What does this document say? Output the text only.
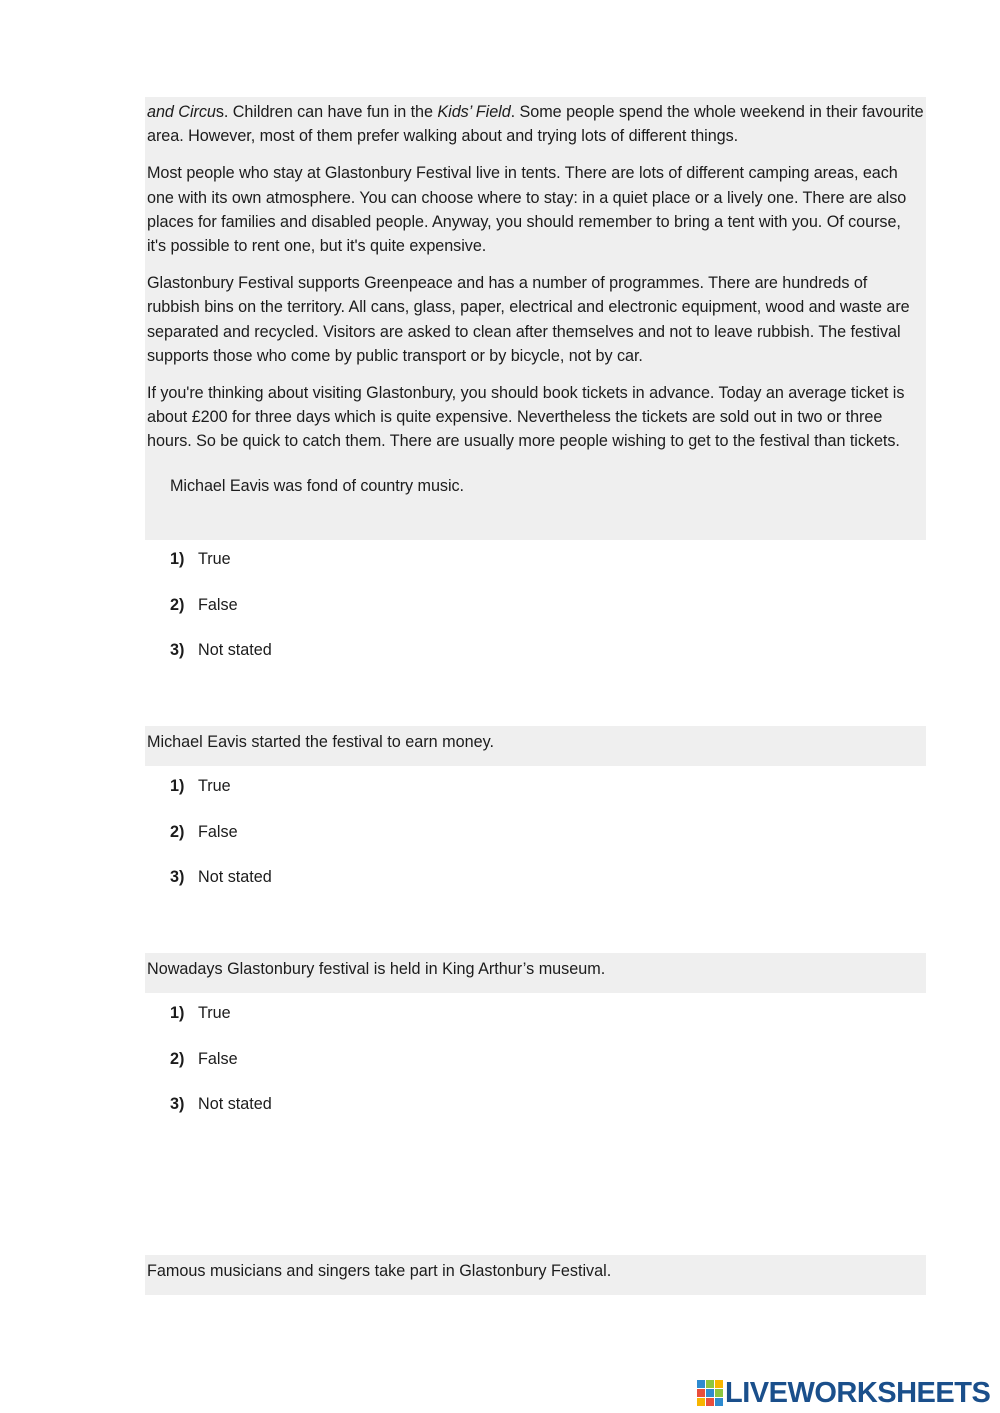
and Circus. Children can have fun in the Kids’ Field. Some people spend the whole weekend in their favourite area. However, most of them prefer walking about and trying lots of different things.

Most people who stay at Glastonbury Festival live in tents. There are lots of different camping areas, each one with its own atmosphere. You can choose where to stay: in a quiet place or a lively one. There are also places for families and disabled people. Anyway, you should remember to bring a tent with you. Of course, it's possible to rent one, but it's quite expensive.

Glastonbury Festival supports Greenpeace and has a number of programmes. There are hundreds of rubbish bins on the territory. All cans, glass, paper, electrical and electronic equipment, wood and waste are separated and recycled. Visitors are asked to clean after themselves and not to leave rubbish. The festival supports those who come by public transport or by bicycle, not by car.

If you're thinking about visiting Glastonbury, you should book tickets in advance. Today an average ticket is about £200 for three days which is quite expensive. Nevertheless the tickets are sold out in two or three hours. So be quick to catch them. There are usually more people wishing to get to the festival than tickets.

Michael Eavis was fond of country music.

1) True
2) False
3) Not stated
Michael Eavis started the festival to earn money.
1) True
2) False
3) Not stated
Nowadays Glastonbury festival is held in King Arthur’s museum.
1) True
2) False
3) Not stated
Famous musicians and singers take part in Glastonbury Festival.
LIVEWORKSHEETS
